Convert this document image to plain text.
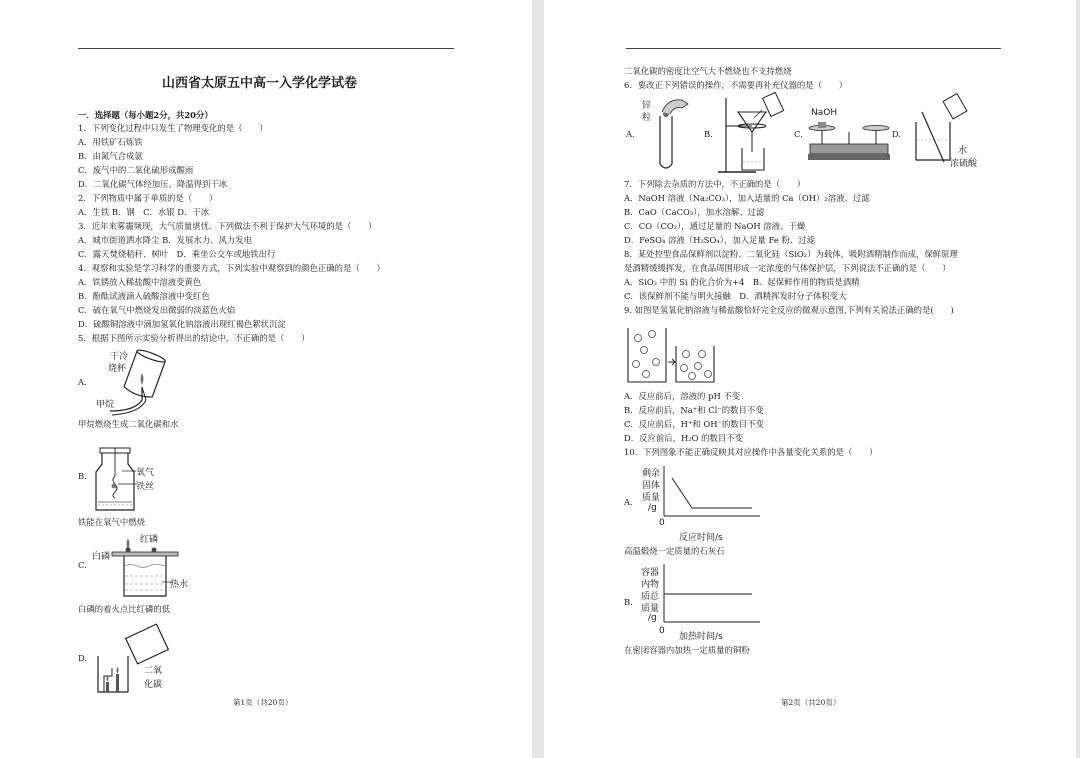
山西省太原五中高一入学化学试卷
一．选择题（每小题2分，共20分）
1．下列变化过程中只发生了物理变化的是（　　）
A．用铁矿石炼铁
B．由氮气合成氨
C．废气中的二氧化硫形成酸雨
D．二氧化碳气体经加压、降温得到干冰
2．下列物质中属于单质的是（　　）
A．生铁 B．钢　C．水银 D．干冰
3．近年来雾霾频现，大气质量堪忧．下列做法不利于保护大气环境的是（　　）
A．城市街道洒水降尘 B．发展水力、风力发电
C．露天焚烧秸秆、树叶　D．乘坐公交车或地铁出行
4．观察和实验是学习科学的重要方式，下列实验中观察到的颜色正确的是（　　）
A．铁锈放入稀盐酸中溶液变黄色
B．酚酞试液滴入硫酸溶液中变红色
C．硫在氧气中燃烧发出微弱的淡蓝色火焰
D．硫酸铜溶液中滴加氢氧化钠溶液出现红褐色絮状沉淀
5．根据下图所示实验分析得出的结论中，不正确的是（　　）
A.
干冷
烧杯
甲烷
甲烷燃烧生成二氧化碳和水
B.	氧气
铁丝
铁能在氧气中燃烧
C.
红磷
白磷
热水
白磷的着火点比红磷的低
D.
二氧
化碳
第1页（共20页）
二氧化碳的密度比空气大不燃烧也不支持燃烧
6．要改正下列错误的操作，不需要再补充仪器的是（　　）
A.
锌
粒
B.	C.
NaOH
D.
水
浓硫酸
7．下列除去杂质的方法中，不正确的是（　　）
A．NaOH 溶液（Na₂CO₃），加入适量的 Ca（OH）₂溶液、过滤
B．CaO（CaCO₃），加水溶解、过滤
C．CO（CO₂），通过足量的 NaOH 溶液、干燥
D．FeSO₄ 溶液（H₂SO₄），加入足量 Fe 粉、过滤
8．某处控型食品保鲜剂以淀粉、二氧化硅（SiO₂）为载体，吸附酒精制作而成，保鲜原理
是酒精缓缓挥发，在食品周围形成一定浓度的气体保护层，下列说法不正确的是（　　）
A．SiO₂ 中的 Si 的化合价为+4　B．起保鲜作用的物质是酒精
C．该保鲜剂不能与明火接触　D．酒精挥发时分子体积变大
9. 如图是氢氧化钠溶液与稀盐酸恰好完全反应的微观示意图,下列有关说法正确的是(　　)
A．反应前后，溶液的 pH 不变
B．反应前后，Na⁺和 Cl⁻的数目不变
C．反应前后，H⁺和 OH⁻的数目不变
D．反应前后，H₂O 的数目不变
10．下列图象不能正确反映其对应操作中各量变化关系的是（　　）
A.
剩余
固体
质量
/g
0
反应时间/s
高温煅烧一定质量的石灰石
B.
容器
内物
质总
质量
/g
0
加热时间/s
在密闭容器内加热一定质量的铜粉
第2页（共20页）
